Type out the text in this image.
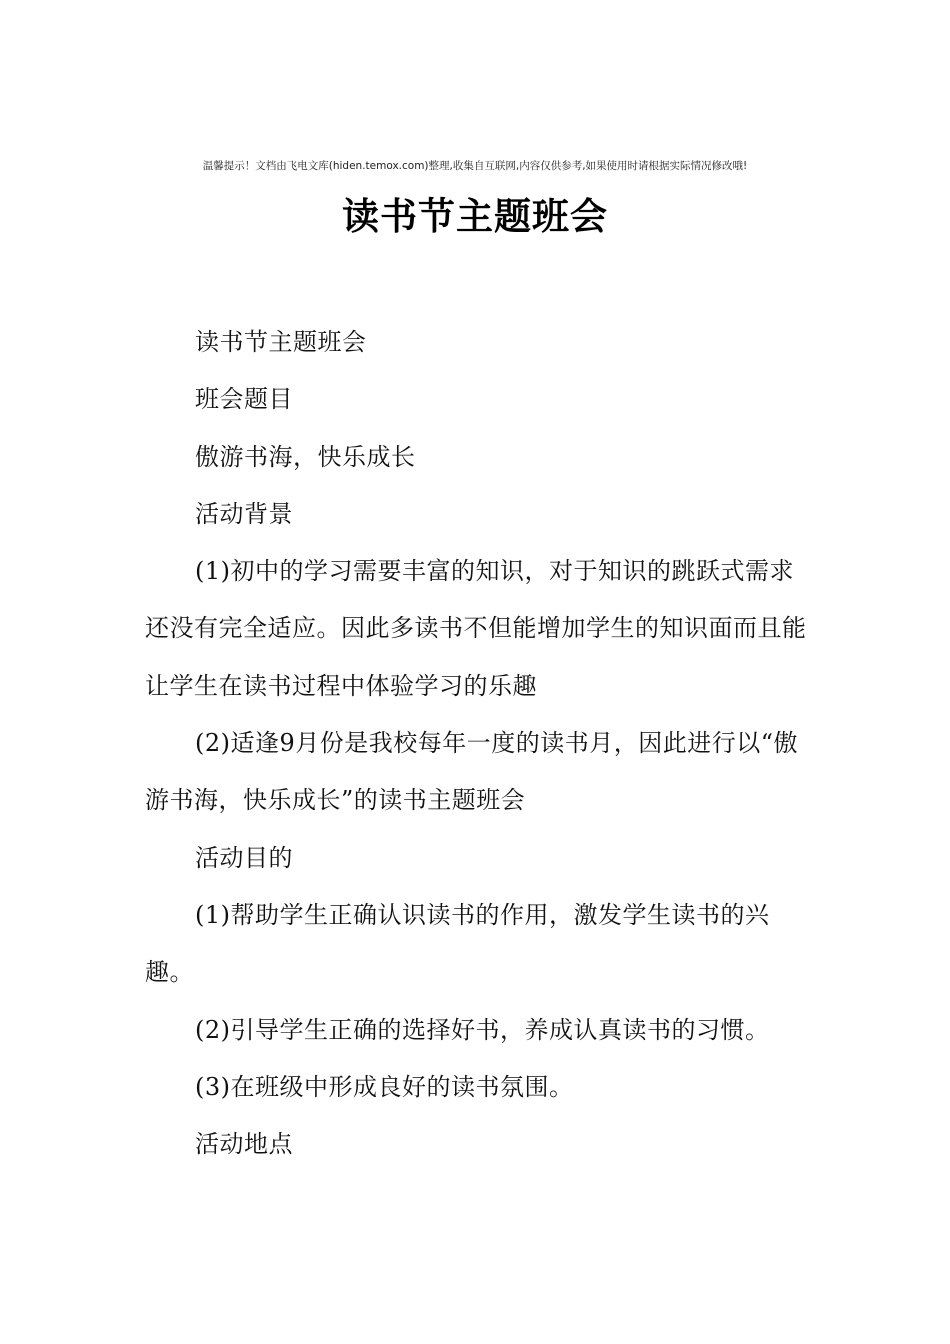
温馨提示！文档由飞电文库(hiden.temox.com)整理,收集自互联网,内容仅供参考,如果使用时请根据实际情况修改哦!
读书节主题班会

读书节主题班会

班会题目

傲游书海，快乐成长

活动背景

(1)初中的学习需要丰富的知识，对于知识的跳跃式需求还没有完全适应。因此多读书不但能增加学生的知识面而且能让学生在读书过程中体验学习的乐趣

(2)适逢9月份是我校每年一度的读书月，因此进行以“傲游书海，快乐成长”的读书主题班会

活动目的

(1)帮助学生正确认识读书的作用，激发学生读书的兴趣。

(2)引导学生正确的选择好书，养成认真读书的习惯。

(3)在班级中形成良好的读书氛围。

活动地点
